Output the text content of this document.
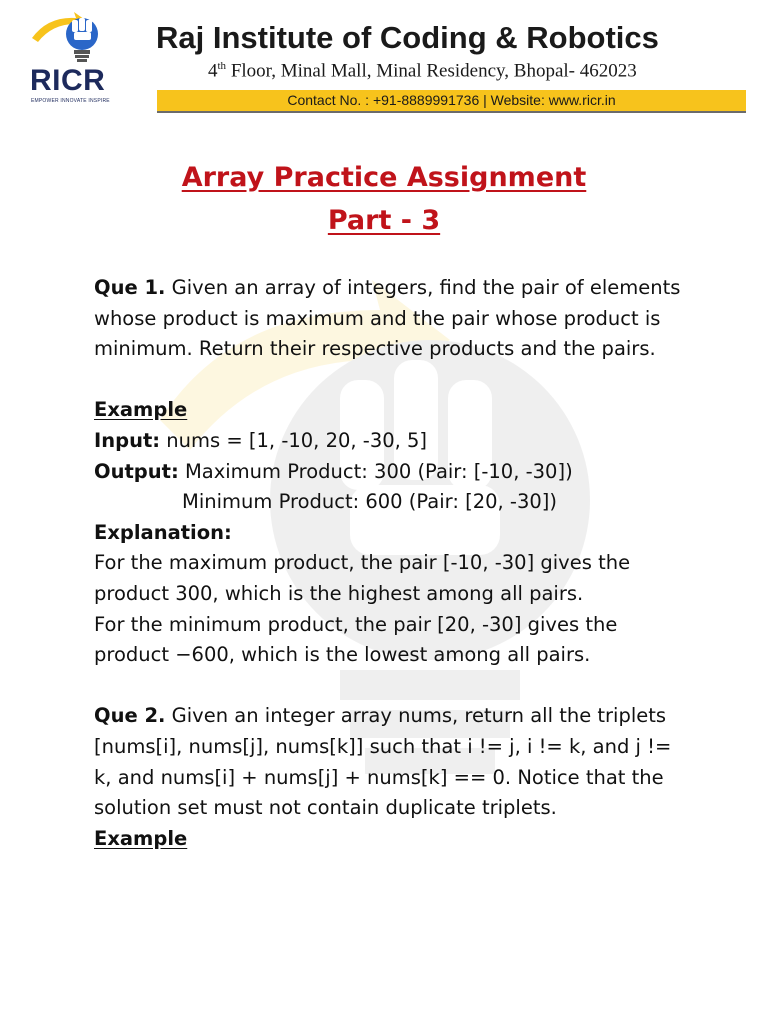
RICR
EMPOWER INNOVATE INSPIRE
Raj Institute of Coding & Robotics
4th Floor, Minal Mall, Minal Residency, Bhopal- 462023
Contact No. : +91-8889991736 | Website: www.ricr.in
Array Practice Assignment
Part - 3

Que 1. Given an array of integers, find the pair of elements whose product is maximum and the pair whose product is minimum. Return their respective products and the pairs.

Example

Input: nums = [1, -10, 20, -30, 5]

Output: Maximum Product: 300 (Pair: [-10, -30])

Minimum Product: 600 (Pair: [20, -30])

Explanation:

For the maximum product, the pair [-10, -30] gives the product 300, which is the highest among all pairs.

For the minimum product, the pair [20, -30] gives the product −600, which is the lowest among all pairs.

Que 2. Given an integer array nums, return all the triplets [nums[i], nums[j], nums[k]] such that i != j, i != k, and j != k, and nums[i] + nums[j] + nums[k] == 0. Notice that the solution set must not contain duplicate triplets.

Example
